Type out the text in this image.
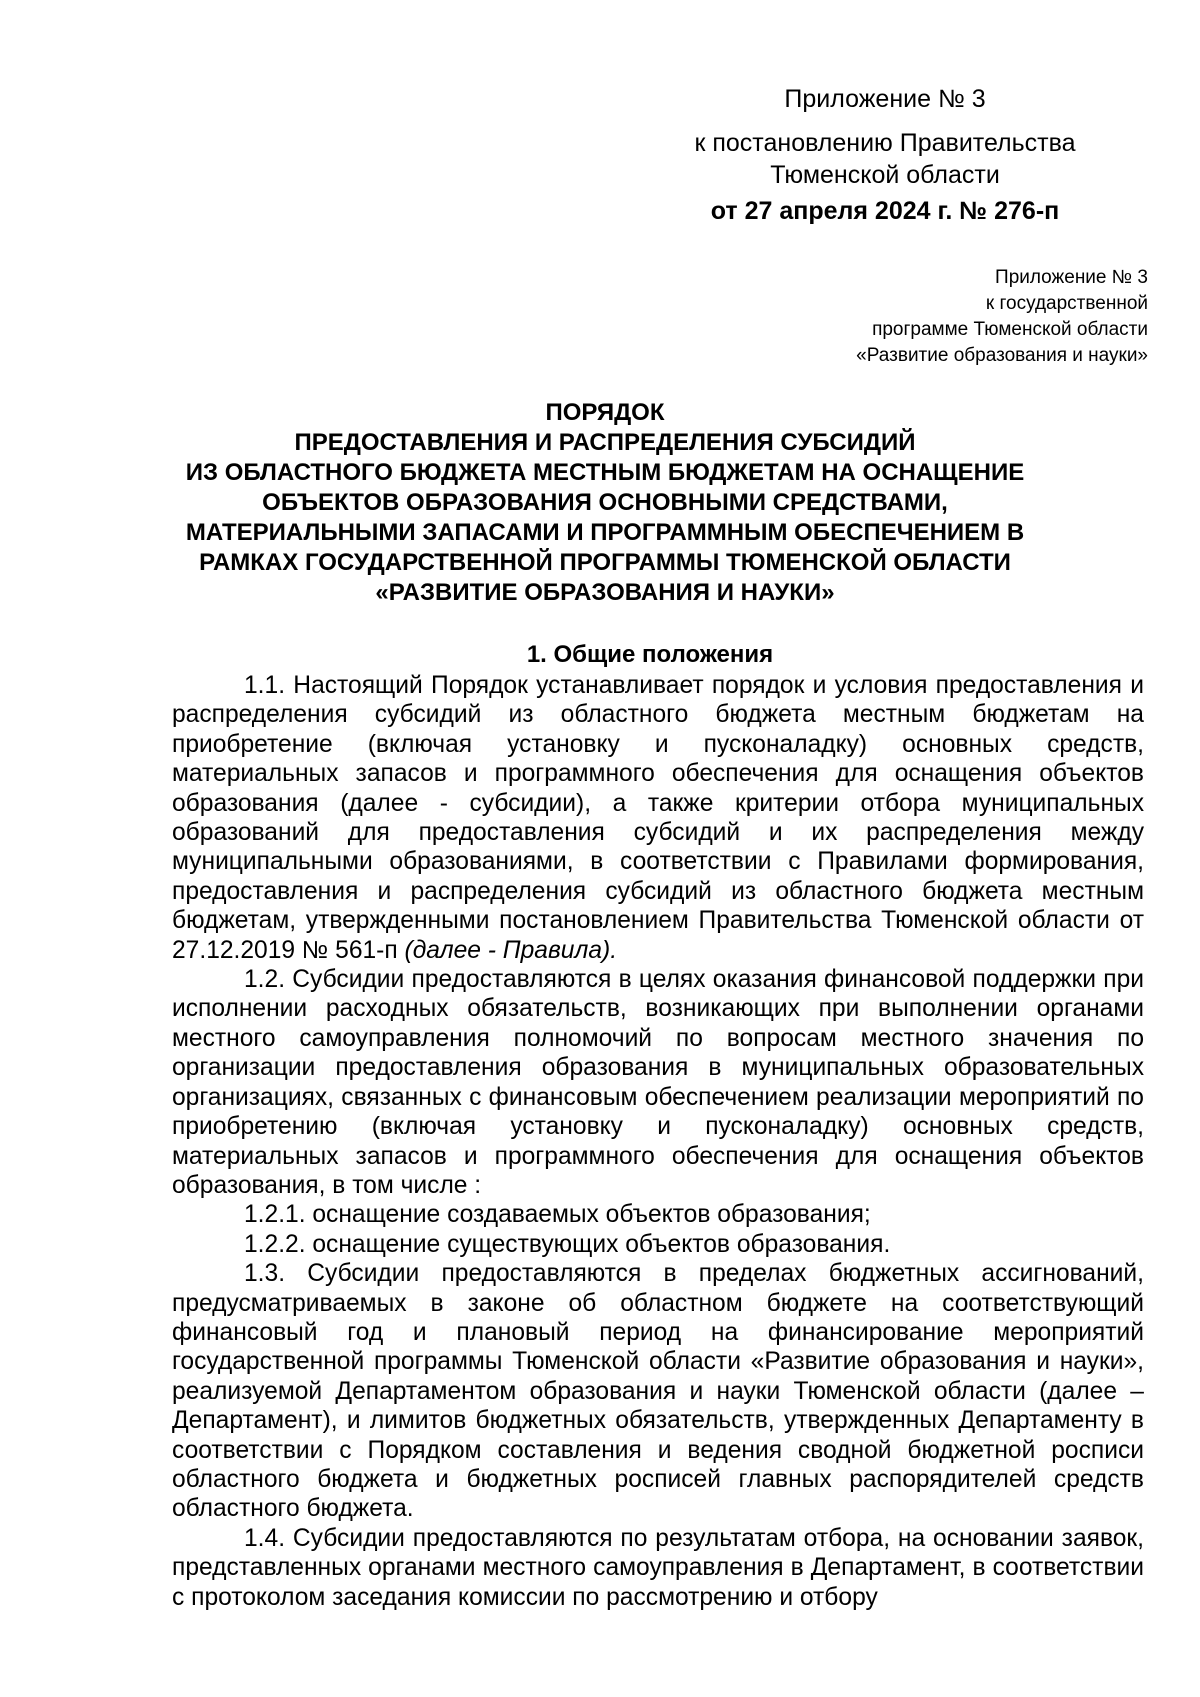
Приложение № 3
к постановлению Правительства
Тюменской области
от 27 апреля 2024 г. № 276-п
Приложение № 3
к государственной
программе Тюменской области
«Развитие образования и науки»
ПОРЯДОК
ПРЕДОСТАВЛЕНИЯ И РАСПРЕДЕЛЕНИЯ СУБСИДИЙ
ИЗ ОБЛАСТНОГО БЮДЖЕТА МЕСТНЫМ БЮДЖЕТАМ НА ОСНАЩЕНИЕ
ОБЪЕКТОВ ОБРАЗОВАНИЯ ОСНОВНЫМИ СРЕДСТВАМИ,
МАТЕРИАЛЬНЫМИ ЗАПАСАМИ И ПРОГРАММНЫМ ОБЕСПЕЧЕНИЕМ В
РАМКАХ ГОСУДАРСТВЕННОЙ ПРОГРАММЫ ТЮМЕНСКОЙ ОБЛАСТИ
«РАЗВИТИЕ ОБРАЗОВАНИЯ И НАУКИ»
1. Общие положения

1.1. Настоящий Порядок устанавливает порядок и условия предоставления и распределения субсидий из областного бюджета местным бюджетам на приобретение (включая установку и пусконаладку) основных средств, материальных запасов и программного обеспечения для оснащения объектов образования (далее - субсидии), а также критерии отбора муниципальных образований для предоставления субсидий и их распределения между муниципальными образованиями, в соответствии с Правилами формирования, предоставления и распределения субсидий из областного бюджета местным бюджетам, утвержденными постановлением Правительства Тюменской области от 27.12.2019 № 561-п (далее - Правила).

1.2. Субсидии предоставляются в целях оказания финансовой поддержки при исполнении расходных обязательств, возникающих при выполнении органами местного самоуправления полномочий по вопросам местного значения по организации предоставления образования в муниципальных образовательных организациях, связанных с финансовым обеспечением реализации мероприятий по приобретению (включая установку и пусконаладку) основных средств, материальных запасов и программного обеспечения для оснащения объектов образования, в том числе :

1.2.1. оснащение создаваемых объектов образования;

1.2.2. оснащение существующих объектов образования.

1.3. Субсидии предоставляются в пределах бюджетных ассигнований, предусматриваемых в законе об областном бюджете на соответствующий финансовый год и плановый период на финансирование мероприятий государственной программы Тюменской области «Развитие образования и науки», реализуемой Департаментом образования и науки Тюменской области (далее – Департамент), и лимитов бюджетных обязательств, утвержденных Департаменту в соответствии с Порядком составления и ведения сводной бюджетной росписи областного бюджета и бюджетных росписей главных распорядителей средств областного бюджета.

1.4. Субсидии предоставляются по результатам отбора, на основании заявок, представленных органами местного самоуправления в Департамент, в соответствии с протоколом заседания комиссии по рассмотрению и отбору
